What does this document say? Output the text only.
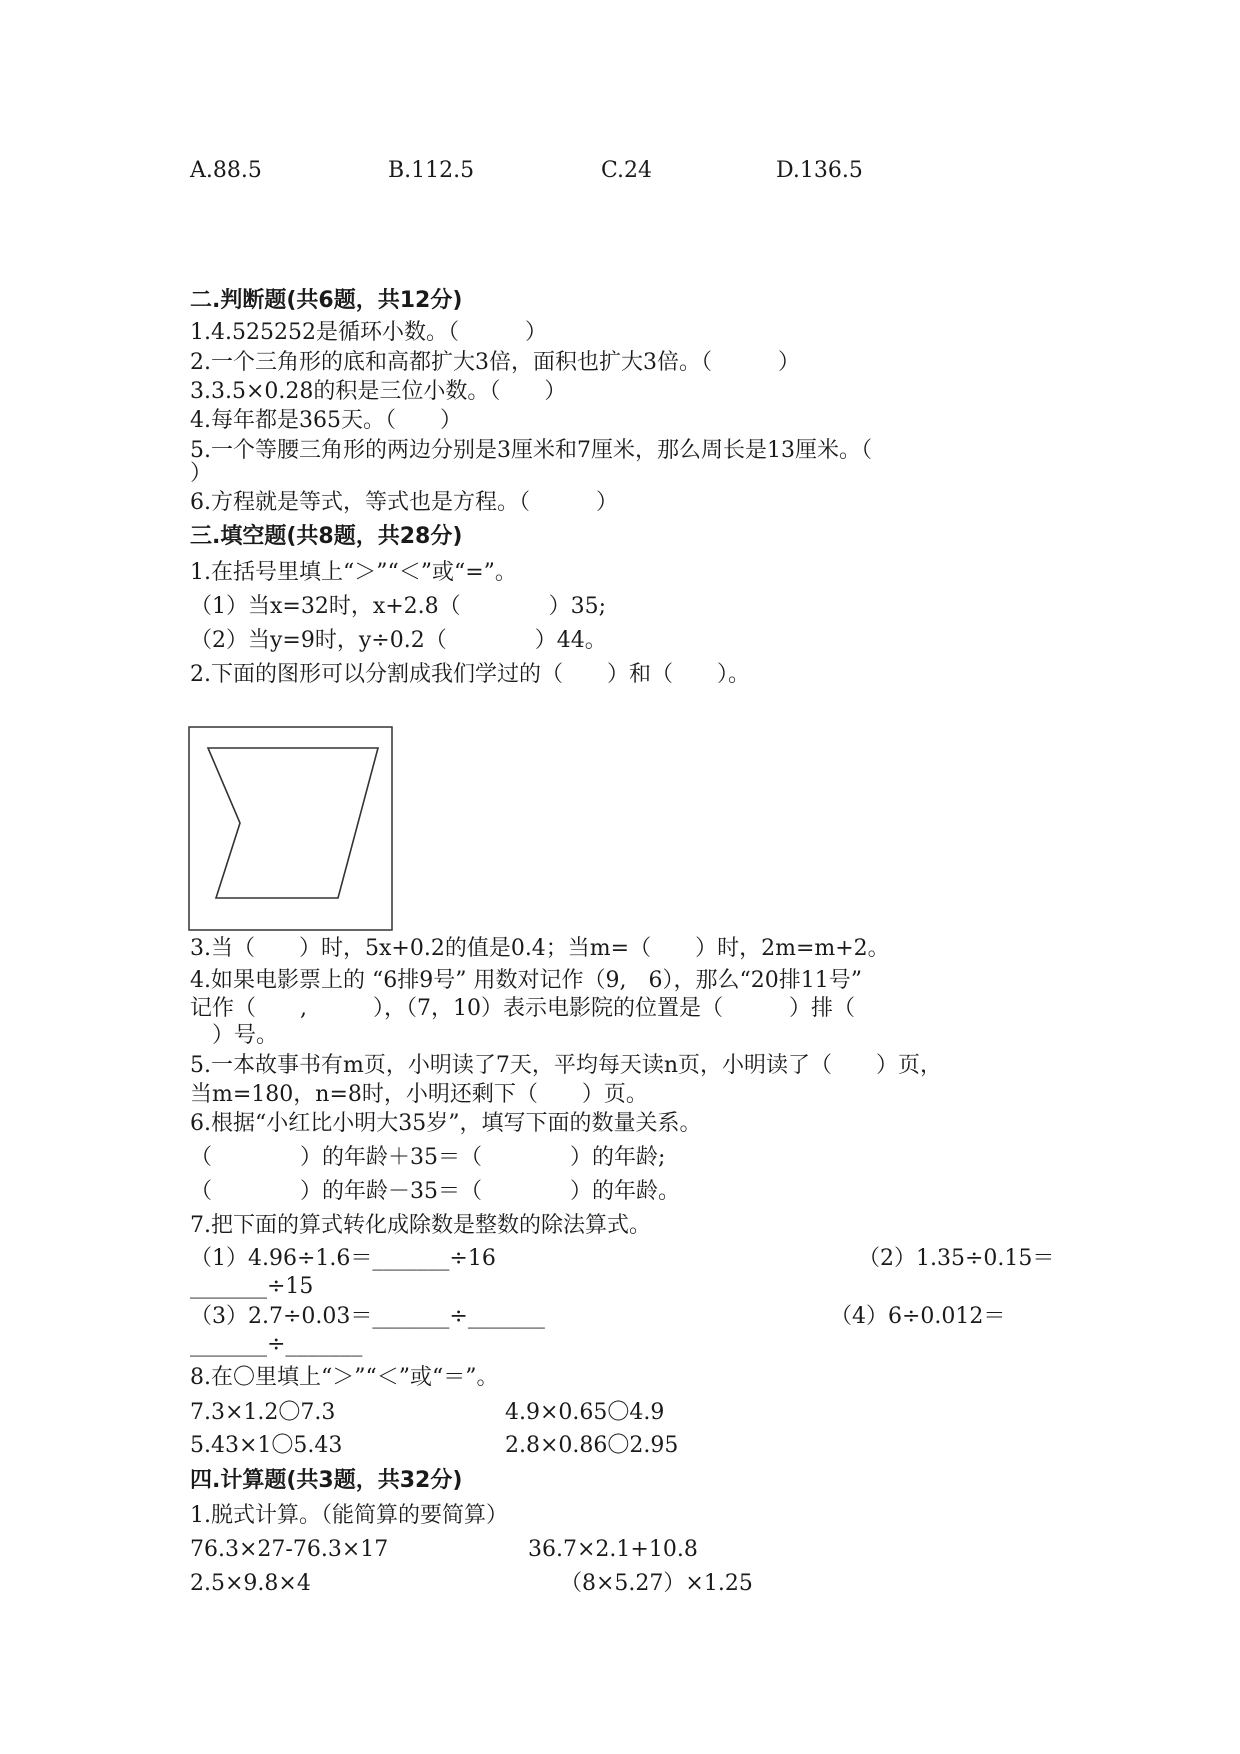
A.88.5	B.112.5	C.24	D.136.5
二.判断题(共6题，共12分)
1.4.525252是循环小数。（　　　）
2.一个三角形的底和高都扩大3倍，面积也扩大3倍。（　　　）
3.3.5×0.28的积是三位小数。（　　）
4.每年都是365天。（　　）
5.一个等腰三角形的两边分别是3厘米和7厘米，那么周长是13厘米。（
）
6.方程就是等式，等式也是方程。（　　　）
三.填空题(共8题，共28分)
1.在括号里填上“＞”“＜”或“=”。
（1）当x=32时，x+2.8（　　　　）35;
（2）当y=9时，y÷0.2（　　　　）44。
2.下面的图形可以分割成我们学过的（　　）和（　　）。
3.当（　　）时，5x+0.2的值是0.4；当m=（　　）时，2m=m+2。
4.如果电影票上的 “6排9号” 用数对记作（9,　6），那么“20排11号”
记作（　　,　　　），（7，10）表示电影院的位置是（　　　）排（
　）号。
5.一本故事书有m页，小明读了7天，平均每天读n页，小明读了（　　）页，
当m=180，n=8时，小明还剩下（　　）页。
6.根据“小红比小明大35岁”，填写下面的数量关系。
（　　　　）的年龄＋35＝（　　　　）的年龄;
（　　　　）的年龄－35＝（　　　　）的年龄。
7.把下面的算式转化成除数是整数的除法算式。
（1）4.96÷1.6＝_______÷16	（2）1.35÷0.15＝
_______÷15
（3）2.7÷0.03＝_______÷_______	（4）6÷0.012＝
_______÷_______
8.在〇里填上“＞”“＜”或“＝”。
7.3×1.2〇7.3	4.9×0.65〇4.9
5.43×1〇5.43	2.8×0.86〇2.95
四.计算题(共3题，共32分)
1.脱式计算。（能简算的要简算）
76.3×27-76.3×17	36.7×2.1+10.8
2.5×9.8×4	（8×5.27）×1.25
